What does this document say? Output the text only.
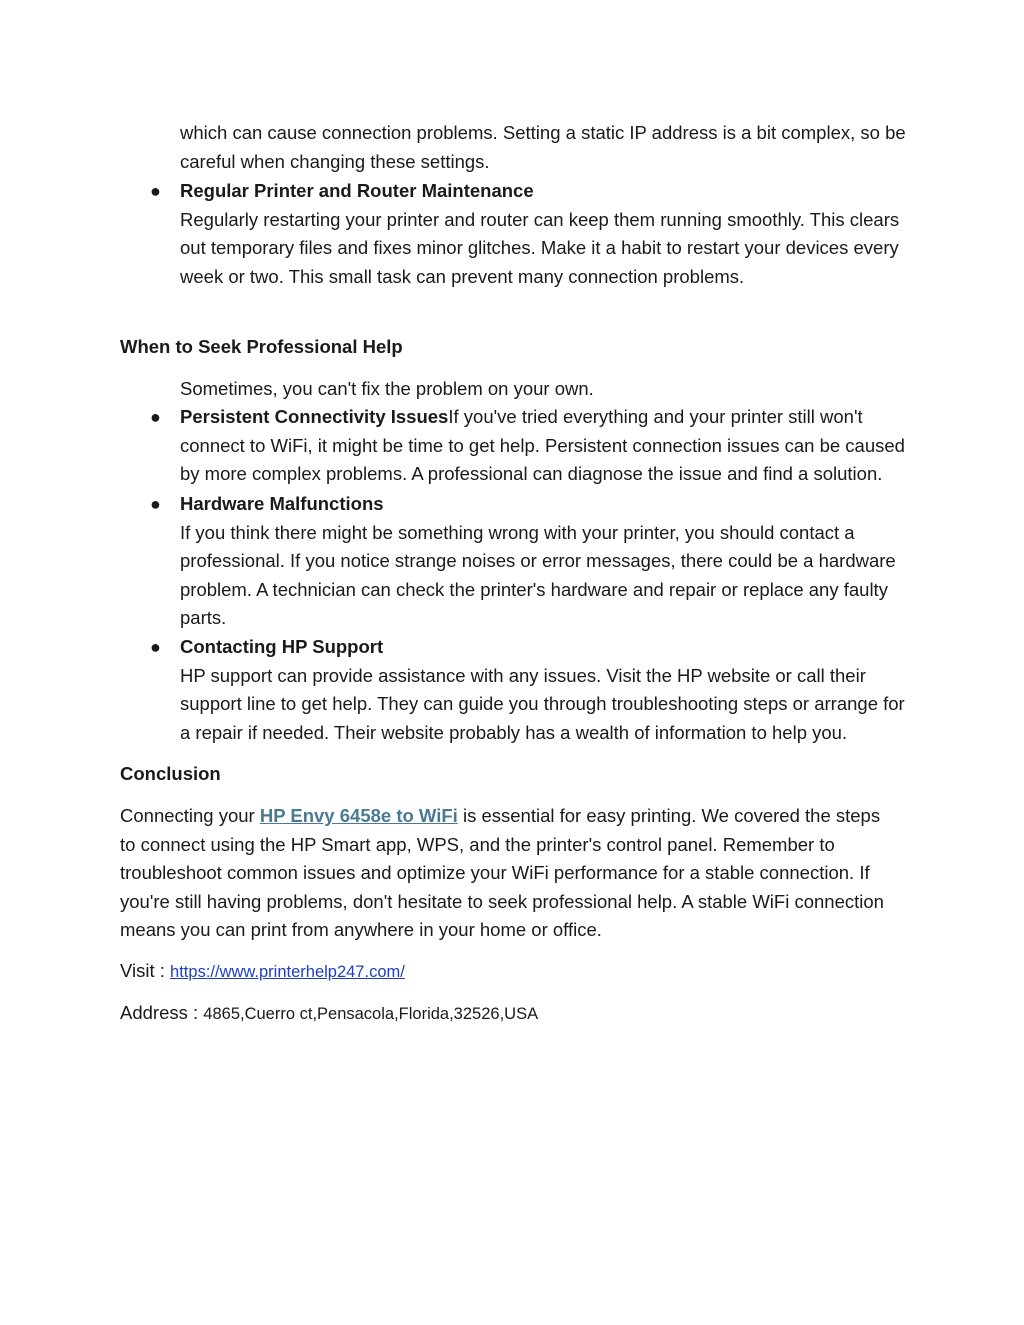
which can cause connection problems. Setting a static IP address is a bit complex, so be careful when changing these settings.

● Regular Printer and Router Maintenance

Regularly restarting your printer and router can keep them running smoothly. This clears out temporary files and fixes minor glitches. Make it a habit to restart your devices every week or two. This small task can prevent many connection problems.

When to Seek Professional Help

Sometimes, you can't fix the problem on your own.

● Persistent Connectivity IssuesIf you've tried everything and your printer still won't connect to WiFi, it might be time to get help. Persistent connection issues can be caused by more complex problems. A professional can diagnose the issue and find a solution.

● Hardware Malfunctions

If you think there might be something wrong with your printer, you should contact a professional. If you notice strange noises or error messages, there could be a hardware problem. A technician can check the printer's hardware and repair or replace any faulty parts.

● Contacting HP Support

HP support can provide assistance with any issues. Visit the HP website or call their support line to get help. They can guide you through troubleshooting steps or arrange for a repair if needed. Their website probably has a wealth of information to help you.

Conclusion

Connecting your HP Envy 6458e to WiFi is essential for easy printing. We covered the steps to connect using the HP Smart app, WPS, and the printer's control panel. Remember to troubleshoot common issues and optimize your WiFi performance for a stable connection. If you're still having problems, don't hesitate to seek professional help. A stable WiFi connection means you can print from anywhere in your home or office.

Visit : https://www.printerhelp247.com/

Address : 4865,Cuerro ct,Pensacola,Florida,32526,USA
